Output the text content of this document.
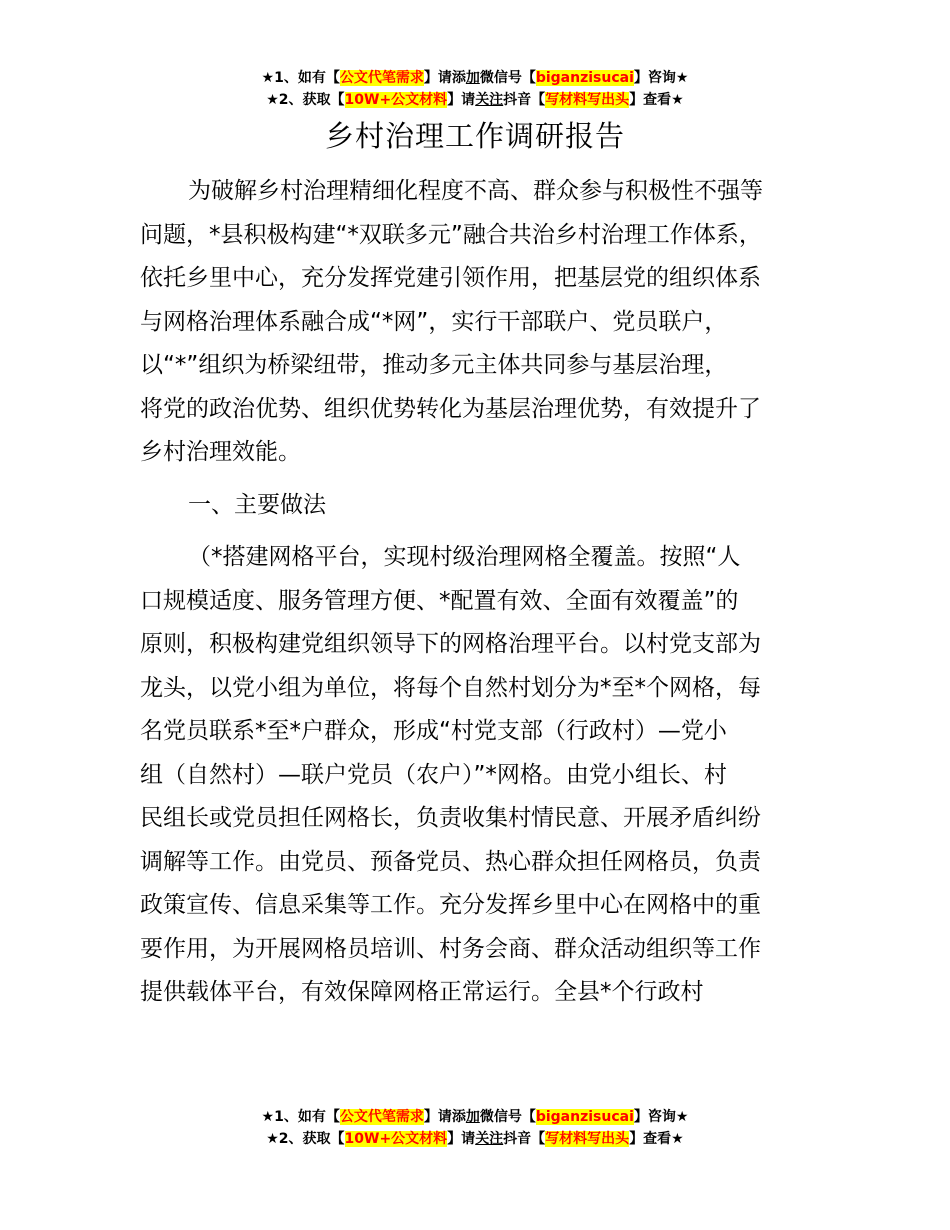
★1、如有【公文代笔需求】请添加微信号【biganzisucai】咨询★
★2、获取【10W+公文材料】请关注抖音【写材料写出头】查看★
乡村治理工作调研报告
为破解乡村治理精细化程度不高、群众参与积极性不强等
问题，*县积极构建“*双联多元”融合共治乡村治理工作体系，
依托乡里中心，充分发挥党建引领作用，把基层党的组织体系
与网格治理体系融合成“*网”，实行干部联户、党员联户，
以“*”组织为桥梁纽带，推动多元主体共同参与基层治理，
将党的政治优势、组织优势转化为基层治理优势，有效提升了
乡村治理效能。
一、主要做法
（*搭建网格平台，实现村级治理网格全覆盖。按照“人
口规模适度、服务管理方便、*配置有效、全面有效覆盖”的
原则，积极构建党组织领导下的网格治理平台。以村党支部为
龙头，以党小组为单位，将每个自然村划分为*至*个网格，每
名党员联系*至*户群众，形成“村党支部（行政村）—党小
组（自然村）—联户党员（农户）”*网格。由党小组长、村
民组长或党员担任网格长，负责收集村情民意、开展矛盾纠纷
调解等工作。由党员、预备党员、热心群众担任网格员，负责
政策宣传、信息采集等工作。充分发挥乡里中心在网格中的重
要作用，为开展网格员培训、村务会商、群众活动组织等工作
提供载体平台，有效保障网格正常运行。全县*个行政村
★1、如有【公文代笔需求】请添加微信号【biganzisucai】咨询★
★2、获取【10W+公文材料】请关注抖音【写材料写出头】查看★
